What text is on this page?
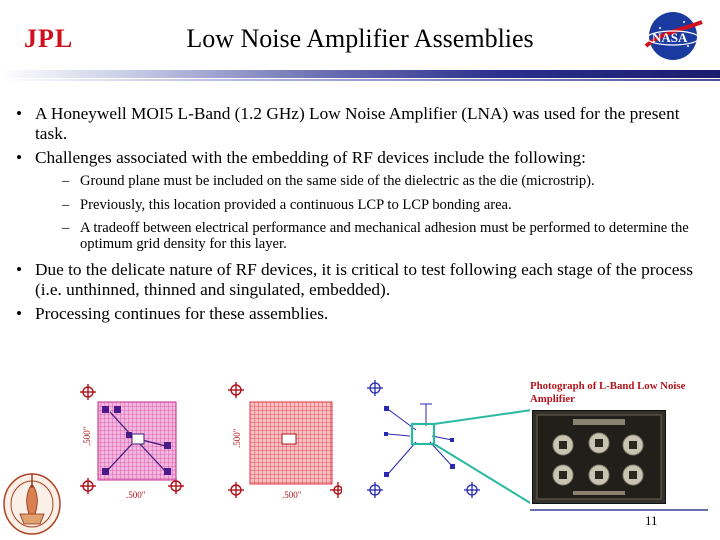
JPL	Low Noise Amplifier Assemblies	NASA
• A Honeywell MOI5 L-Band (1.2 GHz) Low Noise Amplifier (LNA) was used for the present task.
• Challenges associated with the embedding of RF devices include the following:
– Ground plane must be included on the same side of the dielectric as the die (microstrip).
– Previously, this location provided a continuous LCP to LCP bonding area.
– A tradeoff between electrical performance and mechanical adhesion must be performed to determine the optimum grid density for this layer.
• Due to the delicate nature of RF devices, it is critical to test following each stage of the process (i.e. unthinned, thinned and singulated, embedded).
• Processing continues for these assemblies.
.500"
.500"
.500"
.500"
Photograph of L-Band Low Noise Amplifier
11
